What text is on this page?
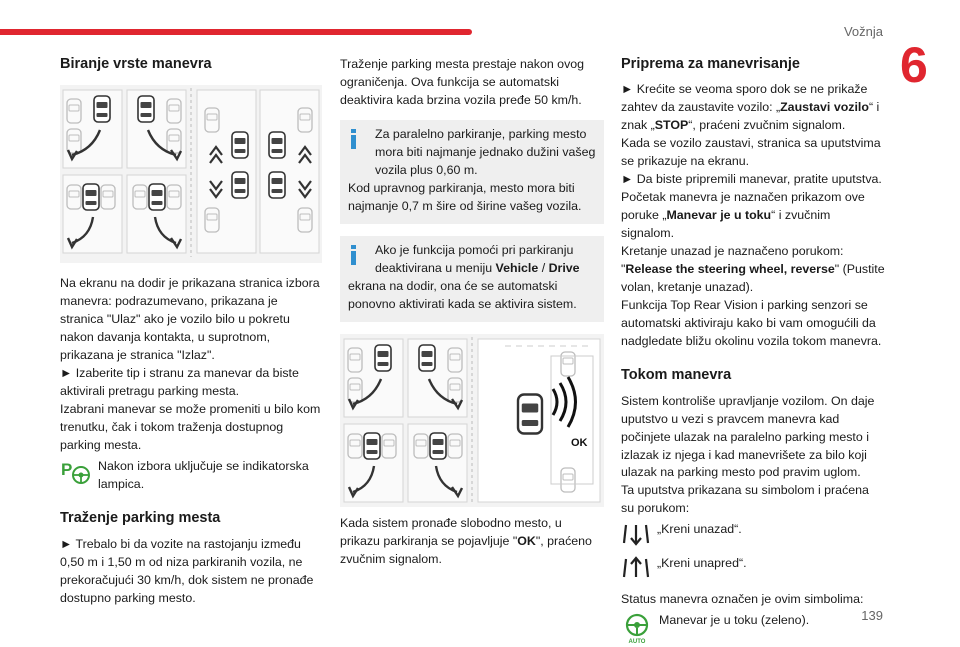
Vožnja
6
139
Biranje vrste manevra

Na ekranu na dodir je prikazana stranica izbora manevra: podrazumevano, prikazana je stranica "Ulaz" ako je vozilo bilo u pokretu nakon davanja kontakta, u suprotnom, prikazana je stranica "Izlaz".

► Izaberite tip i stranu za manevar da biste aktivirali pretragu parking mesta.

Izabrani manevar se može promeniti u bilo kom trenutku, čak i tokom traženja dostupnog parking mesta.

P Nakon izbora uključuje se indikatorska lampica.
Traženje parking mesta

► Trebalo bi da vozite na rastojanju između 0,50 m i 1,50 m od niza parkiranih vozila, ne prekoračujući 30 km/h, dok sistem ne pronađe dostupno parking mesto.

Traženje parking mesta prestaje nakon ovog ograničenja. Ova funkcija se automatski deaktivira kada brzina vozila pređe 50 km/h.

Za paralelno parkiranje, parking mesto mora biti najmanje jednako dužini vašeg vozila plus 0,60 m.
Kod upravnog parkiranja, mesto mora biti najmanje 0,7 m šire od širine vašeg vozila.
Ako je funkcija pomoći pri parkiranju deaktivirana u meniju Vehicle / Drive
ekrana na dodir, ona će se automatski ponovno aktivirati kada se aktivira sistem.
OK

Kada sistem pronađe slobodno mesto, u prikazu parkiranja se pojavljuje "OK", praćeno zvučnim signalom.

Priprema za manevrisanje

► Krećite se veoma sporo dok se ne prikaže zahtev da zaustavite vozilo: „Zaustavi vozilo“ i znak „STOP“, praćeni zvučnim signalom.

Kada se vozilo zaustavi, stranica sa uputstvima se prikazuje na ekranu.

► Da biste pripremili manevar, pratite uputstva. Početak manevra je naznačen prikazom ove poruke „Manevar je u toku“ i zvučnim signalom.

Kretanje unazad je naznačeno porukom: "Release the steering wheel, reverse" (Pustite volan, kretanje unazad).

Funkcija Top Rear Vision i parking senzori se automatski aktiviraju kako bi vam omogućili da nadgledate bližu okolinu vozila tokom manevra.

Tokom manevra

Sistem kontroliše upravljanje vozilom. On daje uputstvo u vezi s pravcem manevra kad počinjete ulazak na paralelno parking mesto i izlazak iz njega i kad manevrišete za bilo koji ulazak na parking mesto pod pravim uglom.

Ta uputstva prikazana su simbolom i praćena su porukom:

„Kreni unazad“.
„Kreni unapred“.

Status manevra označen je ovim simbolima:

AUTO
Manevar je u toku (zeleno).
